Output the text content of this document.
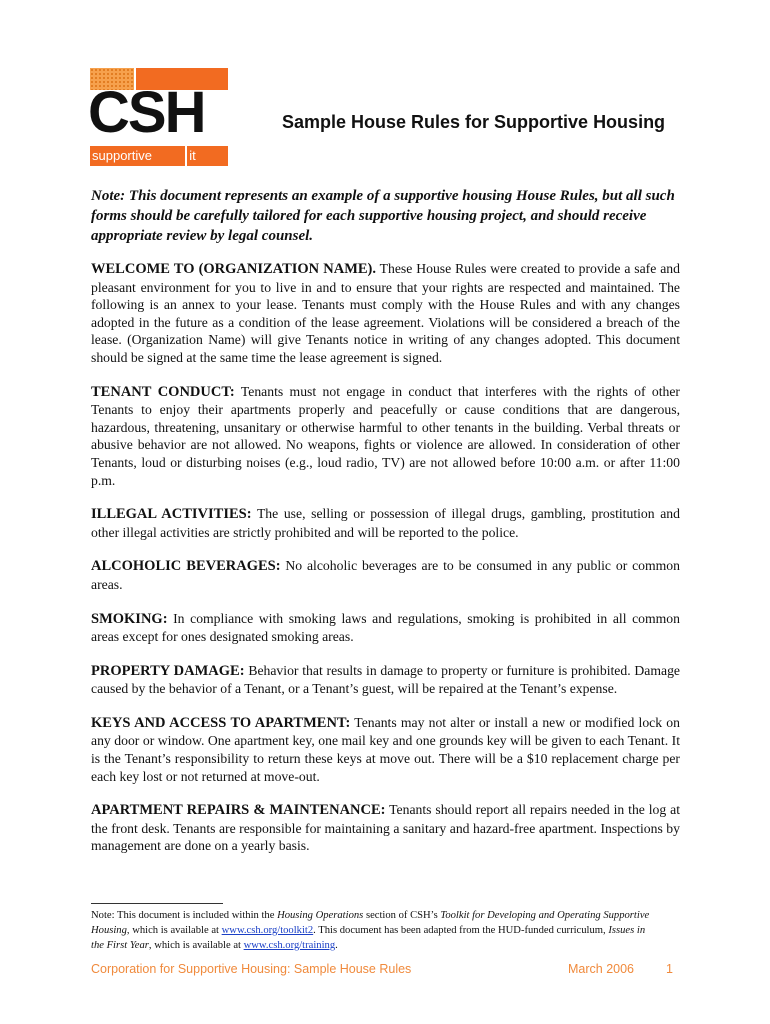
CSH
supportive housing
it works
Sample House Rules for Supportive Housing

Note: This document represents an example of a supportive housing House Rules, but all such forms should be carefully tailored for each supportive housing project, and should receive appropriate review by legal counsel.

WELCOME TO (ORGANIZATION NAME). These House Rules were created to provide a safe and pleasant environment for you to live in and to ensure that your rights are respected and maintained. The following is an annex to your lease. Tenants must comply with the House Rules and with any changes adopted in the future as a condition of the lease agreement. Violations will be considered a breach of the lease. (Organization Name) will give Tenants notice in writing of any changes adopted. This document should be signed at the same time the lease agreement is signed.

TENANT CONDUCT: Tenants must not engage in conduct that interferes with the rights of other Tenants to enjoy their apartments properly and peacefully or cause conditions that are dangerous, hazardous, threatening, unsanitary or otherwise harmful to other tenants in the building. Verbal threats or abusive behavior are not allowed. No weapons, fights or violence are allowed. In consideration of other Tenants, loud or disturbing noises (e.g., loud radio, TV) are not allowed before 10:00 a.m. or after 11:00 p.m.

ILLEGAL ACTIVITIES: The use, selling or possession of illegal drugs, gambling, prostitution and other illegal activities are strictly prohibited and will be reported to the police.

ALCOHOLIC BEVERAGES: No alcoholic beverages are to be consumed in any public or common areas.

SMOKING: In compliance with smoking laws and regulations, smoking is prohibited in all common areas except for ones designated smoking areas.

PROPERTY DAMAGE: Behavior that results in damage to property or furniture is prohibited. Damage caused by the behavior of a Tenant, or a Tenant’s guest, will be repaired at the Tenant’s expense.

KEYS AND ACCESS TO APARTMENT: Tenants may not alter or install a new or modified lock on any door or window. One apartment key, one mail key and one grounds key will be given to each Tenant. It is the Tenant’s responsibility to return these keys at move out. There will be a $10 replacement charge per each key lost or not returned at move-out.

APARTMENT REPAIRS & MAINTENANCE: Tenants should report all repairs needed in the log at the front desk. Tenants are responsible for maintaining a sanitary and hazard-free apartment. Inspections by management are done on a yearly basis.

Note: This document is included within the Housing Operations section of CSH’s Toolkit for Developing and Operating Supportive Housing, which is available at www.csh.org/toolkit2. This document has been adapted from the HUD-funded curriculum, Issues in the First Year, which is available at www.csh.org/training.
Corporation for Supportive Housing: Sample House Rules	March 2006	1
